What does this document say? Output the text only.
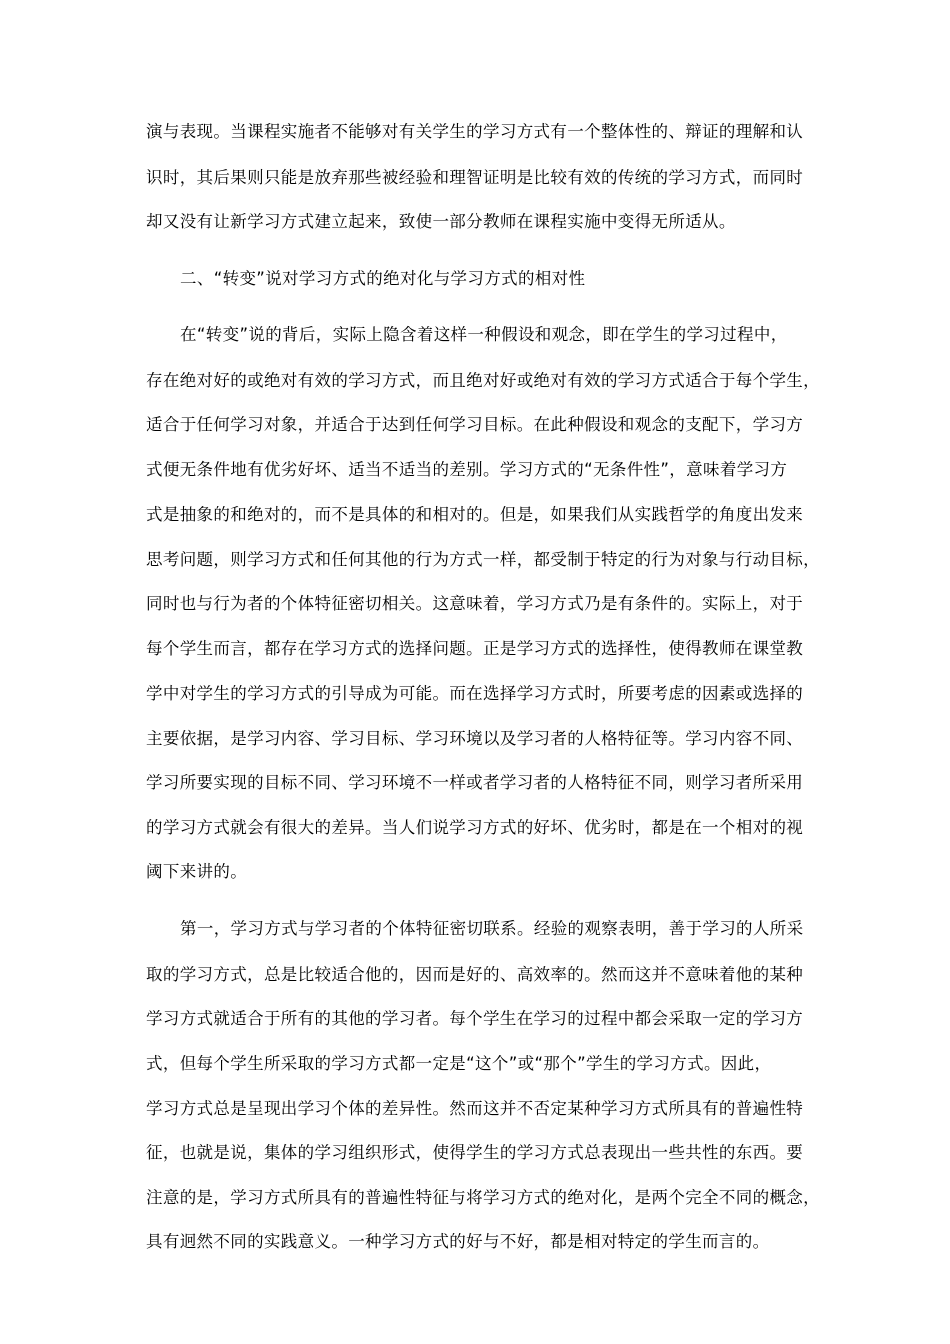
演与表现。当课程实施者不能够对有关学生的学习方式有一个整体性的、辩证的理解和认
识时，其后果则只能是放弃那些被经验和理智证明是比较有效的传统的学习方式，而同时
却又没有让新学习方式建立起来，致使一部分教师在课程实施中变得无所适从。
二、“转变”说对学习方式的绝对化与学习方式的相对性
在“转变”说的背后，实际上隐含着这样一种假设和观念，即在学生的学习过程中，
存在绝对好的或绝对有效的学习方式，而且绝对好或绝对有效的学习方式适合于每个学生，
适合于任何学习对象，并适合于达到任何学习目标。在此种假设和观念的支配下，学习方
式便无条件地有优劣好坏、适当不适当的差别。学习方式的“无条件性”，意味着学习方
式是抽象的和绝对的，而不是具体的和相对的。但是，如果我们从实践哲学的角度出发来
思考问题，则学习方式和任何其他的行为方式一样，都受制于特定的行为对象与行动目标，
同时也与行为者的个体特征密切相关。这意味着，学习方式乃是有条件的。实际上，对于
每个学生而言，都存在学习方式的选择问题。正是学习方式的选择性，使得教师在课堂教
学中对学生的学习方式的引导成为可能。而在选择学习方式时，所要考虑的因素或选择的
主要依据，是学习内容、学习目标、学习环境以及学习者的人格特征等。学习内容不同、
学习所要实现的目标不同、学习环境不一样或者学习者的人格特征不同，则学习者所采用
的学习方式就会有很大的差异。当人们说学习方式的好坏、优劣时，都是在一个相对的视
阈下来讲的。
第一，学习方式与学习者的个体特征密切联系。经验的观察表明，善于学习的人所采
取的学习方式，总是比较适合他的，因而是好的、高效率的。然而这并不意味着他的某种
学习方式就适合于所有的其他的学习者。每个学生在学习的过程中都会采取一定的学习方
式，但每个学生所采取的学习方式都一定是“这个”或“那个”学生的学习方式。因此，
学习方式总是呈现出学习个体的差异性。然而这并不否定某种学习方式所具有的普遍性特
征，也就是说，集体的学习组织形式，使得学生的学习方式总表现出一些共性的东西。要
注意的是，学习方式所具有的普遍性特征与将学习方式的绝对化，是两个完全不同的概念，
具有迥然不同的实践意义。一种学习方式的好与不好，都是相对特定的学生而言的。
